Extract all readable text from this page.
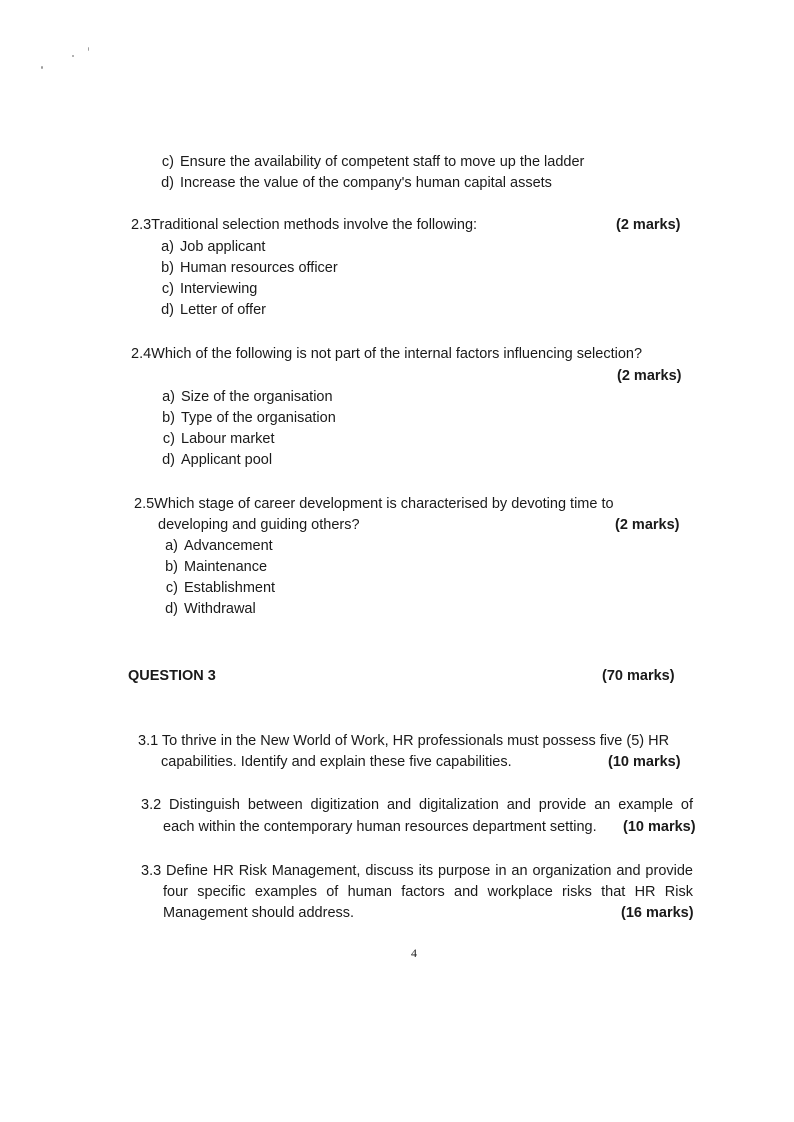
c) Ensure the availability of competent staff to move up the ladder
d) Increase the value of the company's human capital assets
2.3Traditional selection methods involve the following:	(2 marks)
a) Job applicant
b) Human resources officer
c) Interviewing
d) Letter of offer
2.4Which of the following is not part of the internal factors influencing selection?
(2 marks)
a) Size of the organisation
b) Type of the organisation
c) Labour market
d) Applicant pool
2.5Which stage of career development is characterised by devoting time to
developing and guiding others?	(2 marks)
a) Advancement
b) Maintenance
c) Establishment
d) Withdrawal
QUESTION 3	(70 marks)
3.1 To thrive in the New World of Work, HR professionals must possess five (5) HR
capabilities. Identify and explain these five capabilities.	(10 marks)
3.2 Distinguish between digitization and digitalization and provide an example of
each within the contemporary human resources department setting. (10 marks)
3.3 Define HR Risk Management, discuss its purpose in an organization and provide
four specific examples of human factors and workplace risks that HR Risk
Management should address.	(16 marks)
4
